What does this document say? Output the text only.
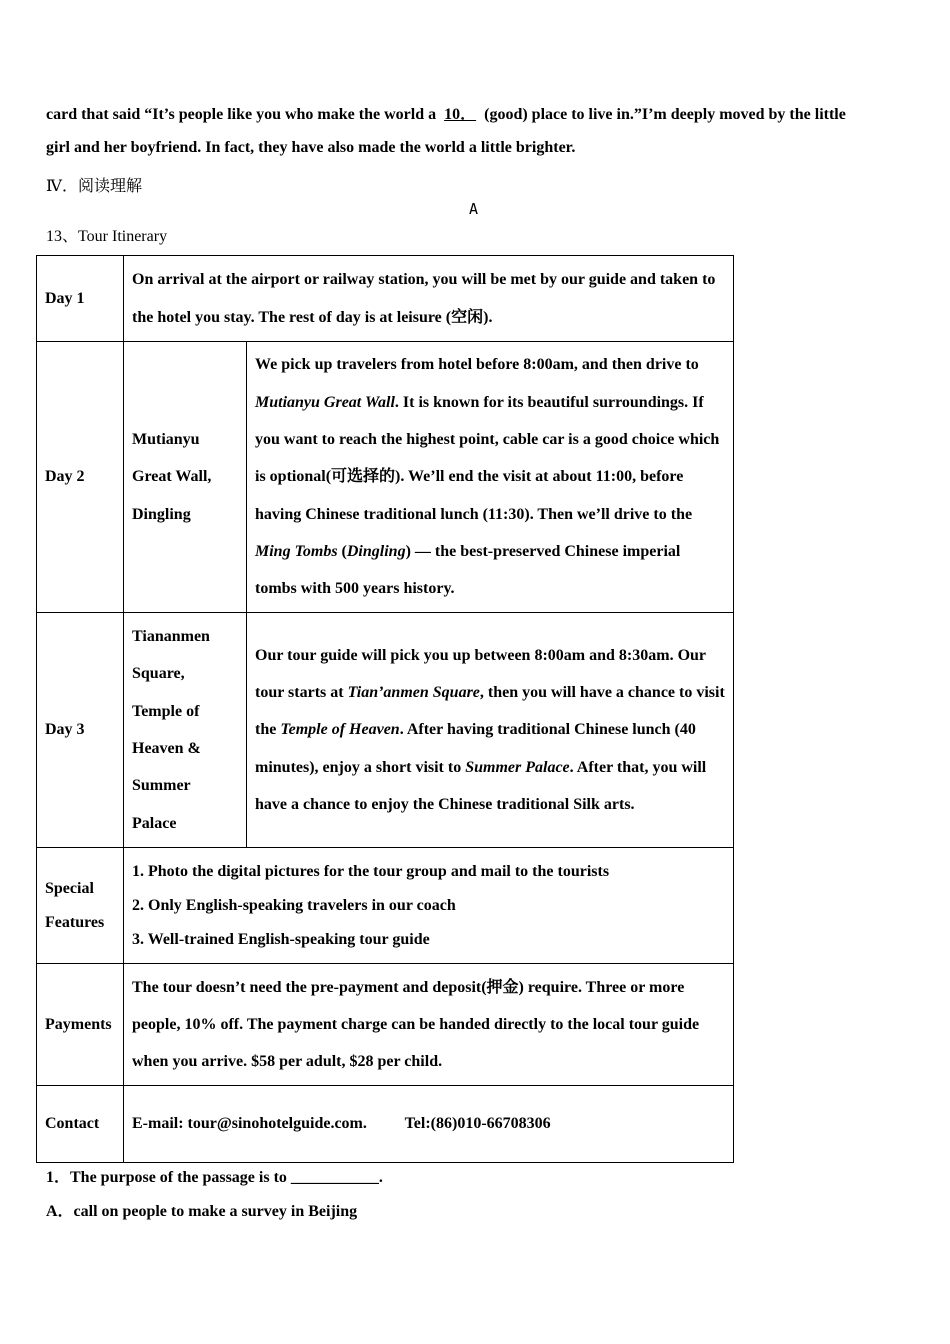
card that said “It’s people like you who make the world a 10． (good) place to live in.”I’m deeply moved by the little
girl and her boyfriend. In fact, they have also made the world a little brighter.
Ⅳ．阅读理解
A
13、Tour Itinerary
Day 1	On arrival at the airport or railway station, you will be met by our guide and taken to the hotel you stay. The rest of day is at leisure (空闲).	
Day 2	Mutianyu Great Wall, Dingling	We pick up travelers from hotel before 8:00am, and then drive to Mutianyu Great Wall. It is known for its beautiful surroundings. If you want to reach the highest point, cable car is a good choice which is optional(可选择的). We’ll end the visit at about 11:00, before having Chinese traditional lunch (11:30). Then we’ll drive to the Ming Tombs (Dingling) — the best-preserved Chinese imperial tombs with 500 years history.
Day 3	Tiananmen Square, Temple of Heaven & Summer Palace	Our tour guide will pick you up between 8:00am and 8:30am. Our tour starts at Tian’anmen Square, then you will have a chance to visit the Temple of Heaven. After having traditional Chinese lunch (40 minutes), enjoy a short visit to Summer Palace. After that, you will have a chance to enjoy the Chinese traditional Silk arts.
Special Features	1. Photo the digital pictures for the tour group and mail to the tourists
2. Only English-speaking travelers in our coach
3. Well-trained English-speaking tour guide	

Payments	The tour doesn’t need the pre-payment and deposit(押金) require. Three or more people, 10% off. The payment charge can be handed directly to the local tour guide when you arrive. $58 per adult, $28 per child.	
Contact	E-mail: tour@sinohotelguide.com. Tel:(86)010-66708306	
1．The purpose of the passage is to ___________.
A．call on people to make a survey in Beijing
